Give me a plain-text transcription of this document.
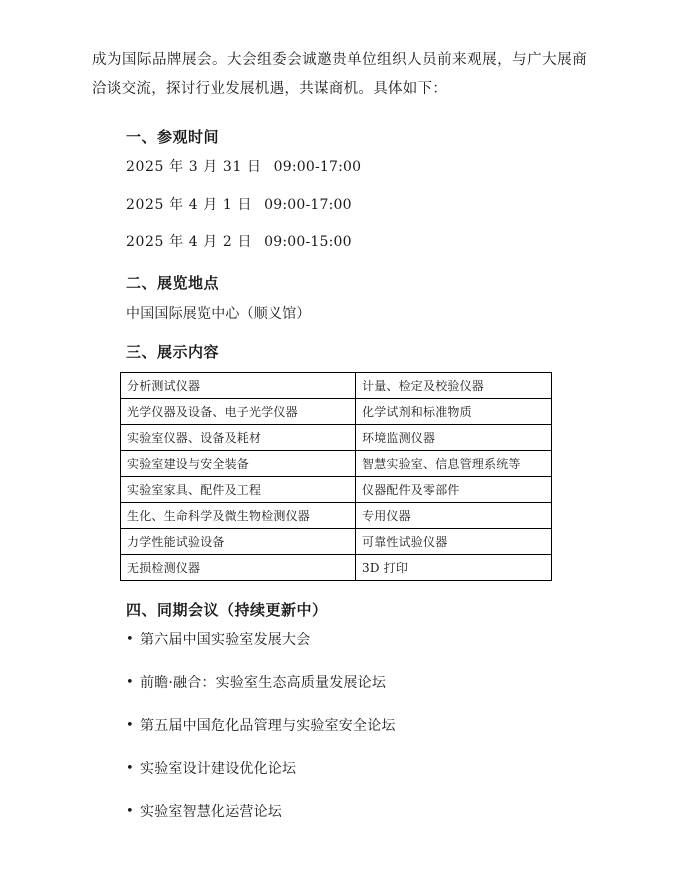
成为国际品牌展会。大会组委会诚邀贵单位组织人员前来观展，与广大展商洽谈交流，探讨行业发展机遇，共谋商机。具体如下：

一、参观时间
2025 年 3 月 31 日 09:00-17:00
2025 年 4 月 1 日 09:00-17:00
2025 年 4 月 2 日 09:00-15:00
二、展览地点
中国国际展览中心（顺义馆）
三、展示内容
分析测试仪器	计量、检定及校验仪器
光学仪器及设备、电子光学仪器	化学试剂和标准物质
实验室仪器、设备及耗材	环境监测仪器
实验室建设与安全装备	智慧实验室、信息管理系统等
实验室家具、配件及工程	仪器配件及零部件
生化、生命科学及微生物检测仪器	专用仪器
力学性能试验设备	可靠性试验仪器
无损检测仪器	3D 打印
四、同期会议（持续更新中）
• 第六届中国实验室发展大会
• 前瞻·融合：实验室生态高质量发展论坛
• 第五届中国危化品管理与实验室安全论坛
• 实验室设计建设优化论坛
• 实验室智慧化运营论坛
